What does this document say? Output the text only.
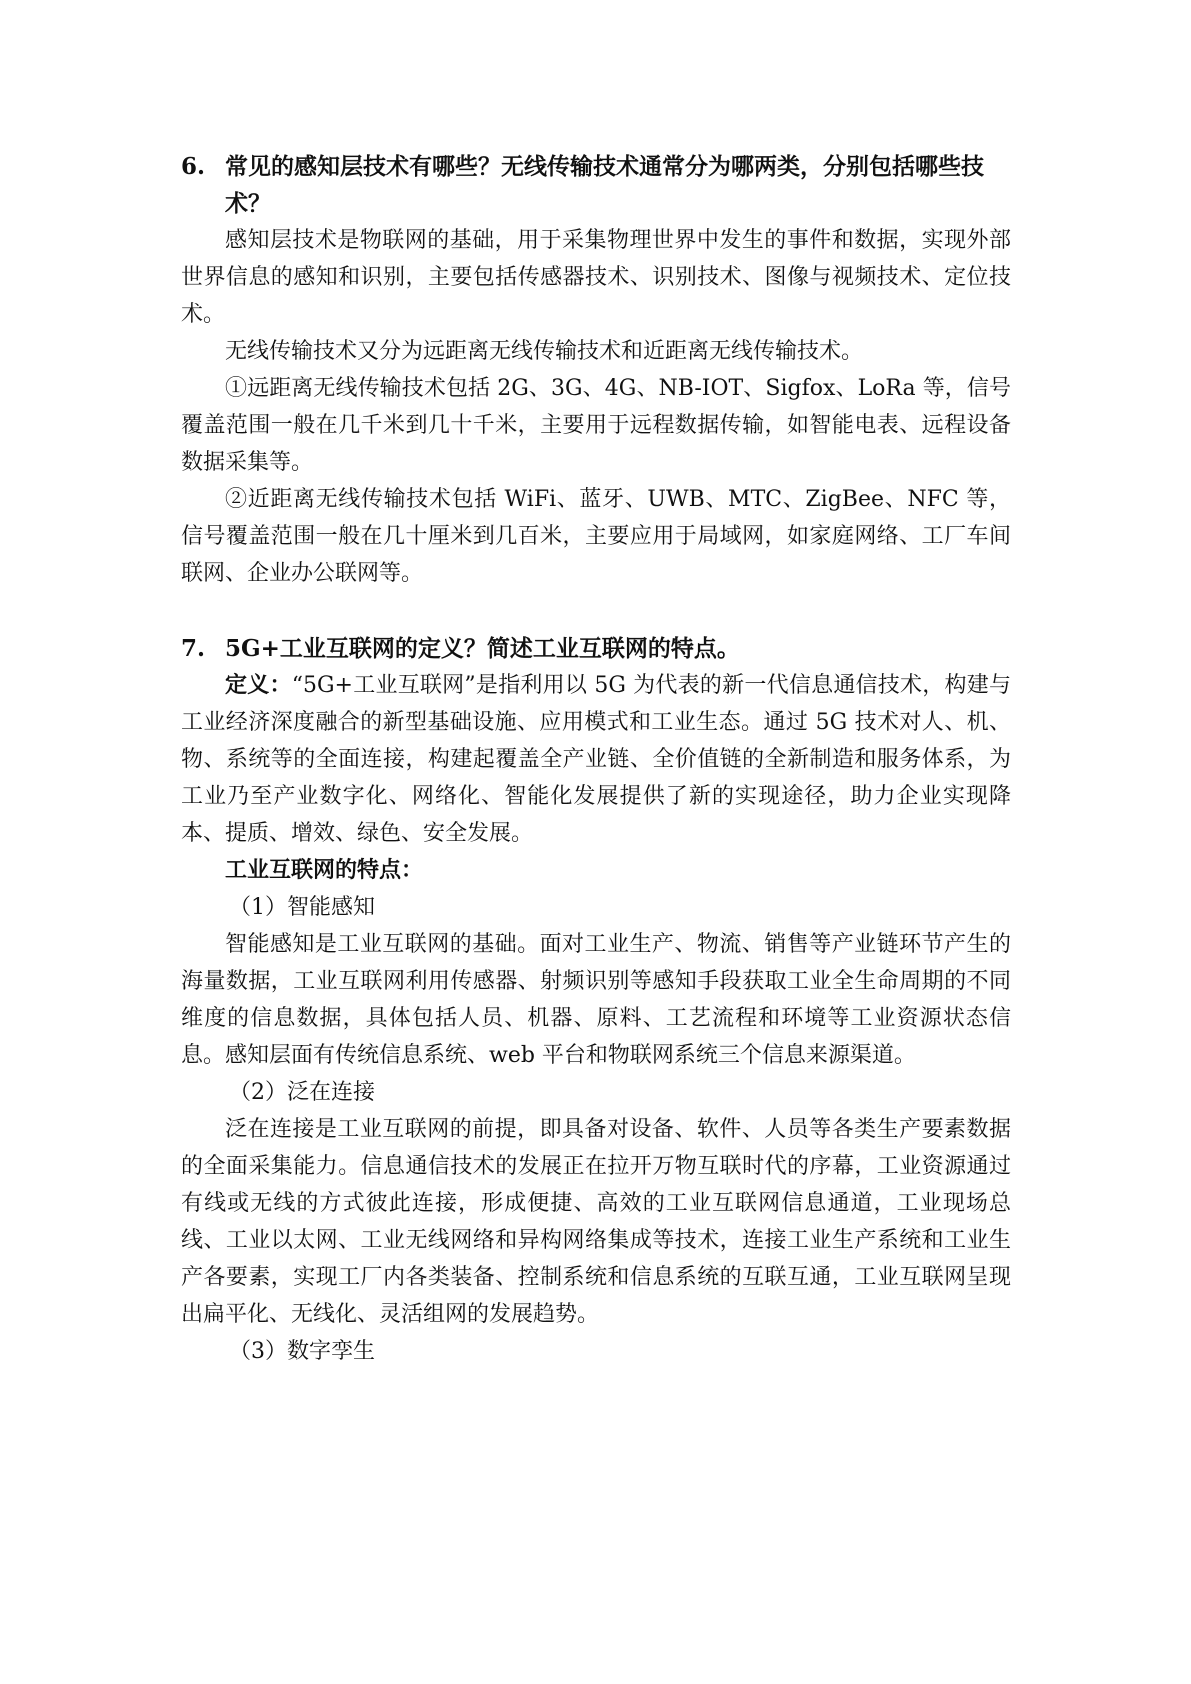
6. 常见的感知层技术有哪些？无线传输技术通常分为哪两类，分别包括哪些技术？

感知层技术是物联网的基础，用于采集物理世界中发生的事件和数据，实现外部世界信息的感知和识别，主要包括传感器技术、识别技术、图像与视频技术、定位技术。

无线传输技术又分为远距离无线传输技术和近距离无线传输技术。

①远距离无线传输技术包括 2G、3G、4G、NB-IOT、Sigfox、LoRa 等，信号覆盖范围一般在几千米到几十千米，主要用于远程数据传输，如智能电表、远程设备数据采集等。

②近距离无线传输技术包括 WiFi、蓝牙、UWB、MTC、ZigBee、NFC 等，信号覆盖范围一般在几十厘米到几百米，主要应用于局域网，如家庭网络、工厂车间联网、企业办公联网等。

7. 5G+工业互联网的定义？简述工业互联网的特点。

定义：“5G+工业互联网”是指利用以 5G 为代表的新一代信息通信技术，构建与工业经济深度融合的新型基础设施、应用模式和工业生态。通过 5G 技术对人、机、物、系统等的全面连接，构建起覆盖全产业链、全价值链的全新制造和服务体系，为工业乃至产业数字化、网络化、智能化发展提供了新的实现途径，助力企业实现降本、提质、增效、绿色、安全发展。

工业互联网的特点：

（1）智能感知

智能感知是工业互联网的基础。面对工业生产、物流、销售等产业链环节产生的海量数据，工业互联网利用传感器、射频识别等感知手段获取工业全生命周期的不同维度的信息数据，具体包括人员、机器、原料、工艺流程和环境等工业资源状态信息。感知层面有传统信息系统、web 平台和物联网系统三个信息来源渠道。

（2）泛在连接

泛在连接是工业互联网的前提，即具备对设备、软件、人员等各类生产要素数据的全面采集能力。信息通信技术的发展正在拉开万物互联时代的序幕，工业资源通过有线或无线的方式彼此连接，形成便捷、高效的工业互联网信息通道，工业现场总线、工业以太网、工业无线网络和异构网络集成等技术，连接工业生产系统和工业生产各要素，实现工厂内各类装备、控制系统和信息系统的互联互通，工业互联网呈现出扁平化、无线化、灵活组网的发展趋势。

（3）数字孪生
